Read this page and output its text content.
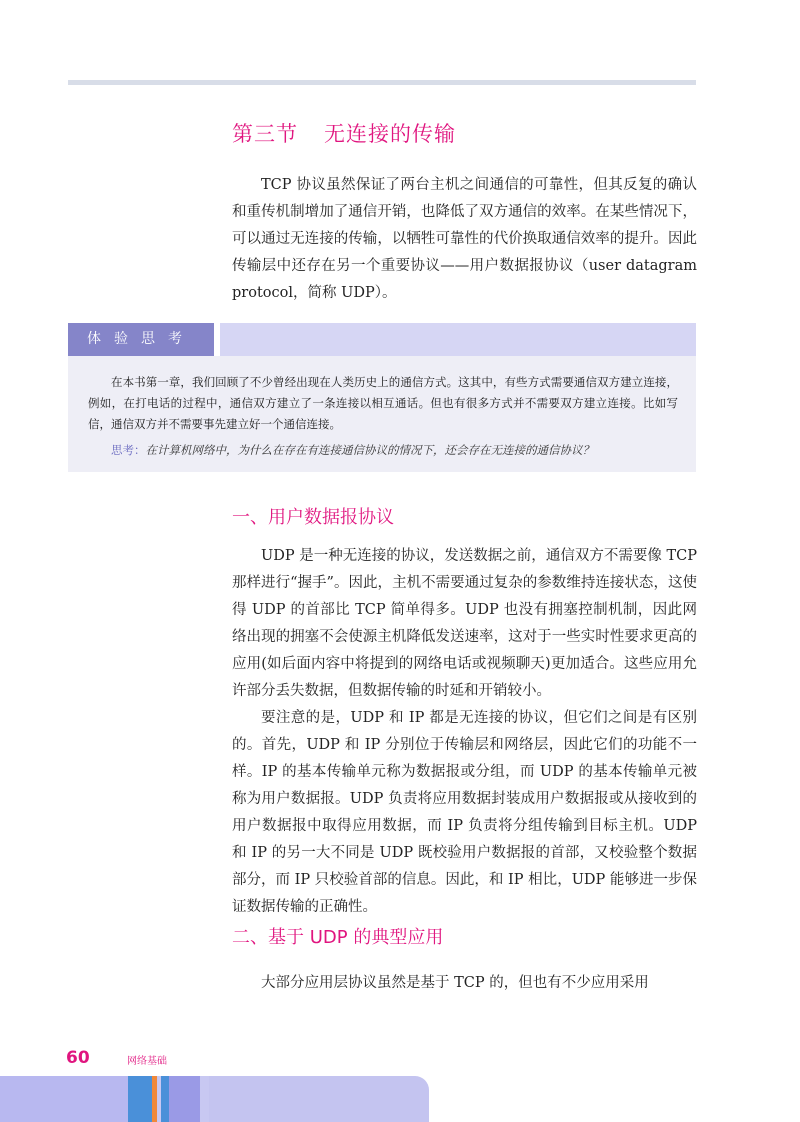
第三节 无连接的传输

TCP 协议虽然保证了两台主机之间通信的可靠性，但其反复的确认和重传机制增加了通信开销，也降低了双方通信的效率。在某些情况下，可以通过无连接的传输，以牺牲可靠性的代价换取通信效率的提升。因此传输层中还存在另一个重要协议——用户数据报协议（user datagram protocol，简称 UDP）。

体验思考

在本书第一章，我们回顾了不少曾经出现在人类历史上的通信方式。这其中，有些方式需要通信双方建立连接，例如，在打电话的过程中，通信双方建立了一条连接以相互通话。但也有很多方式并不需要双方建立连接。比如写信，通信双方并不需要事先建立好一个通信连接。

思考：在计算机网络中，为什么在存在有连接通信协议的情况下，还会存在无连接的通信协议？

一、用户数据报协议

UDP 是一种无连接的协议，发送数据之前，通信双方不需要像 TCP 那样进行“握手”。因此，主机不需要通过复杂的参数维持连接状态，这使得 UDP 的首部比 TCP 简单得多。UDP 也没有拥塞控制机制，因此网络出现的拥塞不会使源主机降低发送速率，这对于一些实时性要求更高的应用(如后面内容中将提到的网络电话或视频聊天)更加适合。这些应用允许部分丢失数据，但数据传输的时延和开销较小。

要注意的是，UDP 和 IP 都是无连接的协议，但它们之间是有区别的。首先，UDP 和 IP 分别位于传输层和网络层，因此它们的功能不一样。IP 的基本传输单元称为数据报或分组，而 UDP 的基本传输单元被称为用户数据报。UDP 负责将应用数据封装成用户数据报或从接收到的用户数据报中取得应用数据，而 IP 负责将分组传输到目标主机。UDP 和 IP 的另一大不同是 UDP 既校验用户数据报的首部，又校验整个数据部分，而 IP 只校验首部的信息。因此，和 IP 相比，UDP 能够进一步保证数据传输的正确性。

二、基于 UDP 的典型应用

大部分应用层协议虽然是基于 TCP 的，但也有不少应用采用

60	网络基础
